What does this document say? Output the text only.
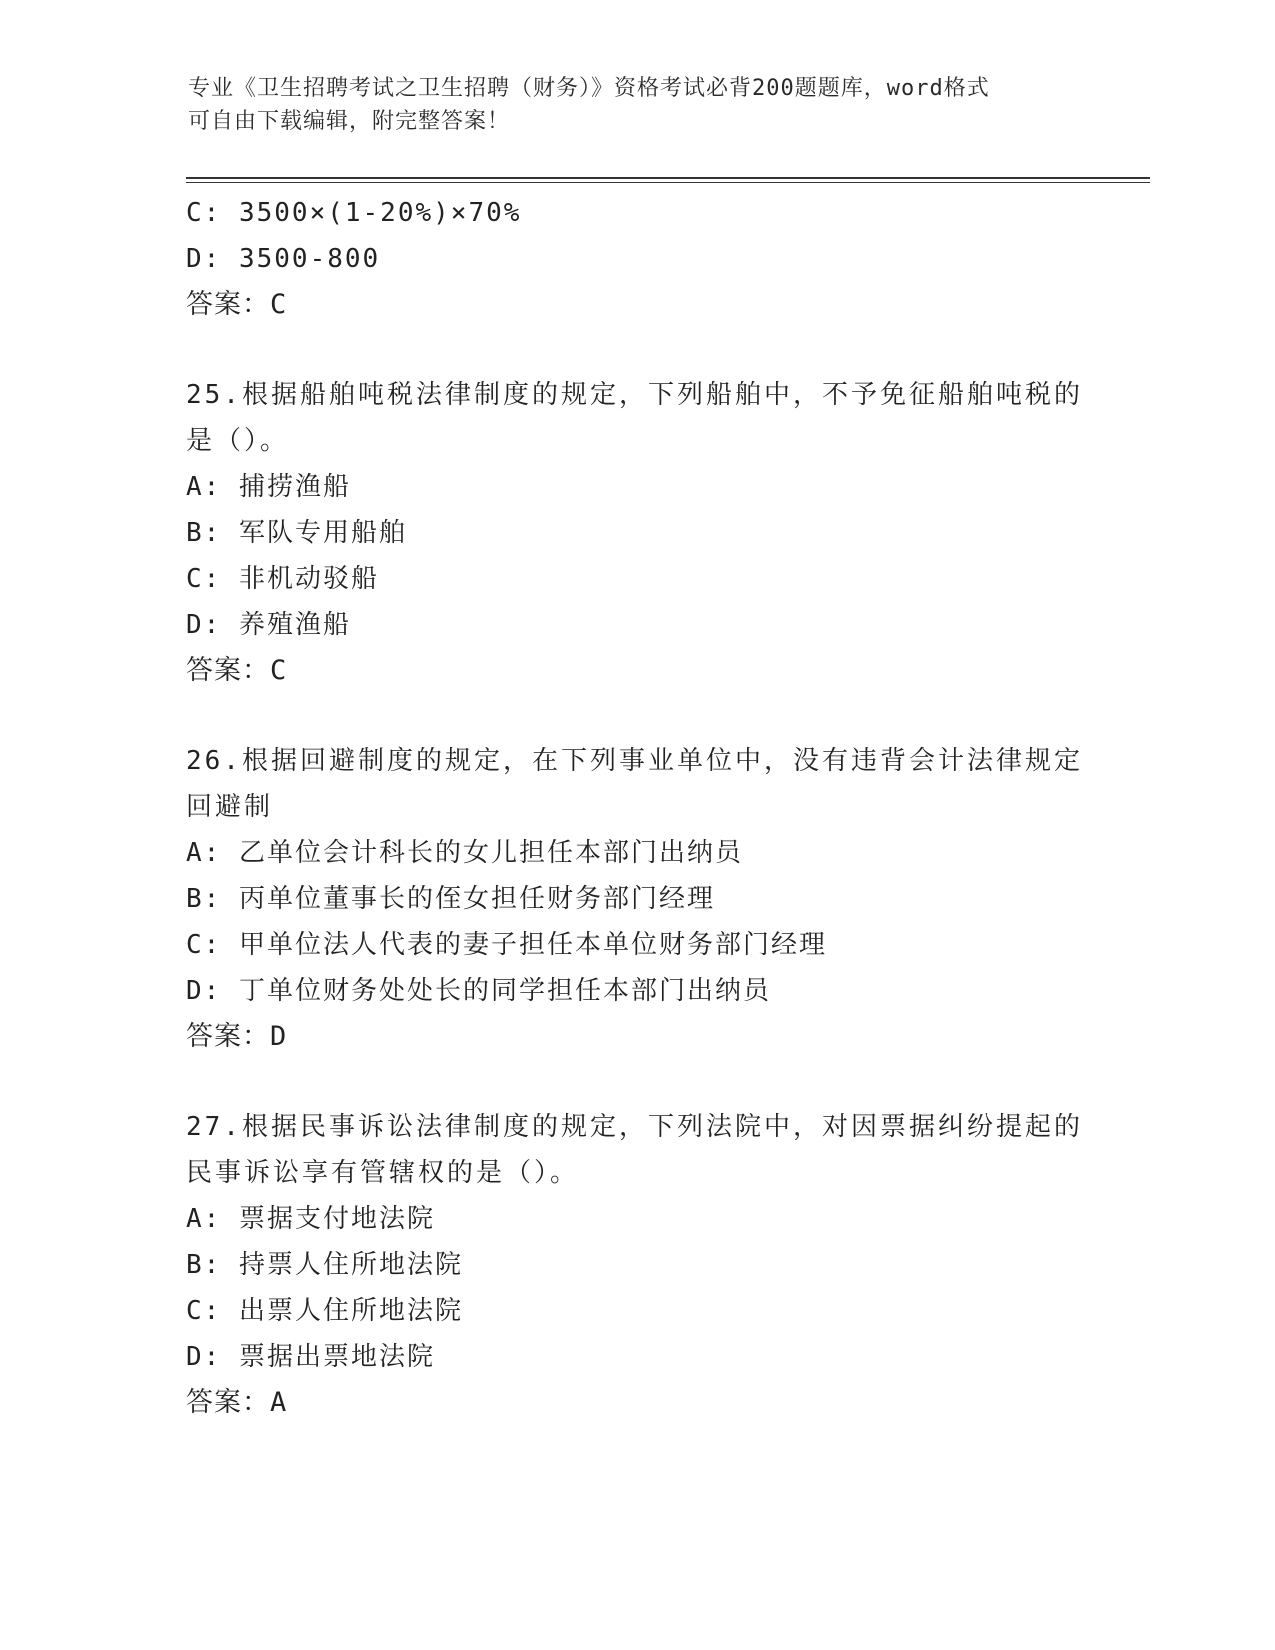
专业《卫生招聘考试之卫生招聘（财务）》资格考试必背200题题库，word格式
可自由下载编辑，附完整答案！
C: 3500×(1-20%)×70%
D: 3500-800
答案：C
25.根据船舶吨税法律制度的规定，下列船舶中，不予免征船舶吨税的是（）。
A: 捕捞渔船
B: 军队专用船舶
C: 非机动驳船
D: 养殖渔船
答案：C
26.根据回避制度的规定，在下列事业单位中，没有违背会计法律规定回避制
A: 乙单位会计科长的女儿担任本部门出纳员
B: 丙单位董事长的侄女担任财务部门经理
C: 甲单位法人代表的妻子担任本单位财务部门经理
D: 丁单位财务处处长的同学担任本部门出纳员
答案：D
27.根据民事诉讼法律制度的规定，下列法院中，对因票据纠纷提起的民事诉讼享有管辖权的是（）。
A: 票据支付地法院
B: 持票人住所地法院
C: 出票人住所地法院
D: 票据出票地法院
答案：A
